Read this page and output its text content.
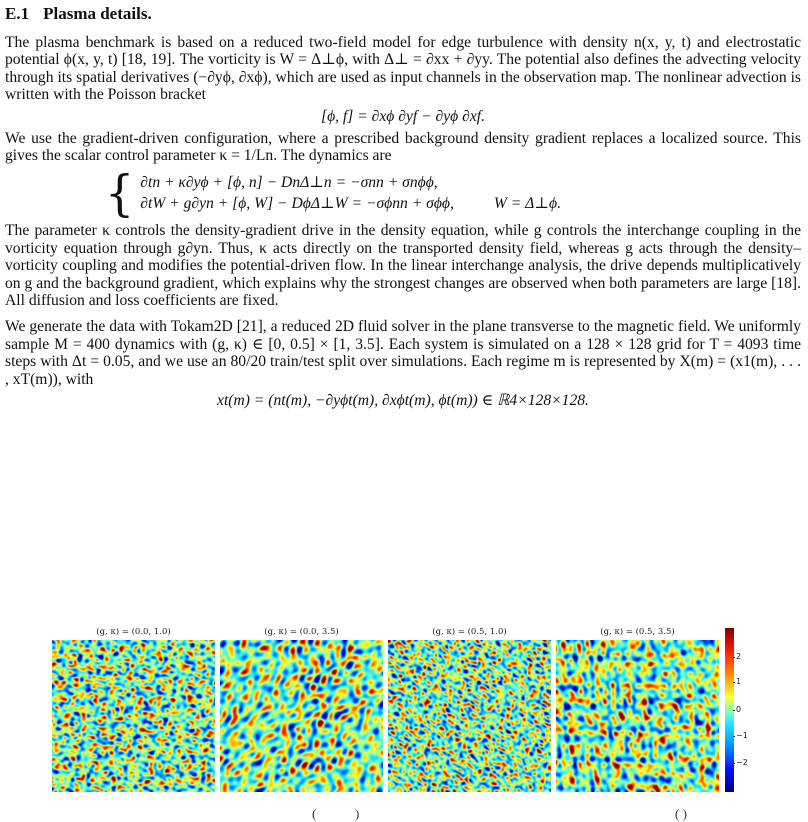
E.1 Plasma details.

The plasma benchmark is based on a reduced two-field model for edge turbulence with density n(x, y, t) and electrostatic potential ϕ(x, y, t) [18, 19]. The vorticity is W = Δ⊥ϕ, with Δ⊥ = ∂xx + ∂yy. The potential also defines the advecting velocity through its spatial derivatives (−∂yϕ, ∂xϕ), which are used as input channels in the observation map. The nonlinear advection is written with the Poisson bracket

[ϕ, f] = ∂xϕ ∂yf − ∂yϕ ∂xf.

We use the gradient-driven configuration, where a prescribed background density gradient replaces a localized source. This gives the scalar control parameter κ = 1/Ln. The dynamics are

{ ∂tn + κ∂yϕ + [ϕ, n] − DnΔ⊥n = −σnn + σnϕϕ,
∂tW + g∂yn + [ϕ, W] − DϕΔ⊥W = −σϕnn + σϕϕ,	W = Δ⊥ϕ.

The parameter κ controls the density-gradient drive in the density equation, while g controls the interchange coupling in the vorticity equation through g∂yn. Thus, κ acts directly on the transported density field, whereas g acts through the density–vorticity coupling and modifies the potential-driven flow. In the linear interchange analysis, the drive depends multiplicatively on g and the background gradient, which explains why the strongest changes are observed when both parameters are large [18]. All diffusion and loss coefficients are fixed.

We generate the data with Tokam2D [21], a reduced 2D fluid solver in the plane transverse to the magnetic field. We uniformly sample M = 400 dynamics with (g, κ) ∈ [0, 0.5] × [1, 3.5]. Each system is simulated on a 128 × 128 grid for T = 4093 time steps with Δt = 0.05, and we use an 80/20 train/test split over simulations. Each regime m is represented by X(m) = (x1(m), . . . , xT(m)), with

xt(m) = (nt(m), −∂yϕt(m), ∂xϕt(m), ϕt(m)) ∈ ℝ4×128×128.
(g, κ) = (0.0, 1.0)	(g, κ) = (0.0, 3.5)	(g, κ) = (0.5, 1.0)	(g, κ) = (0.5, 3.5)
2
1
0
−1
−2
(	)	( )
